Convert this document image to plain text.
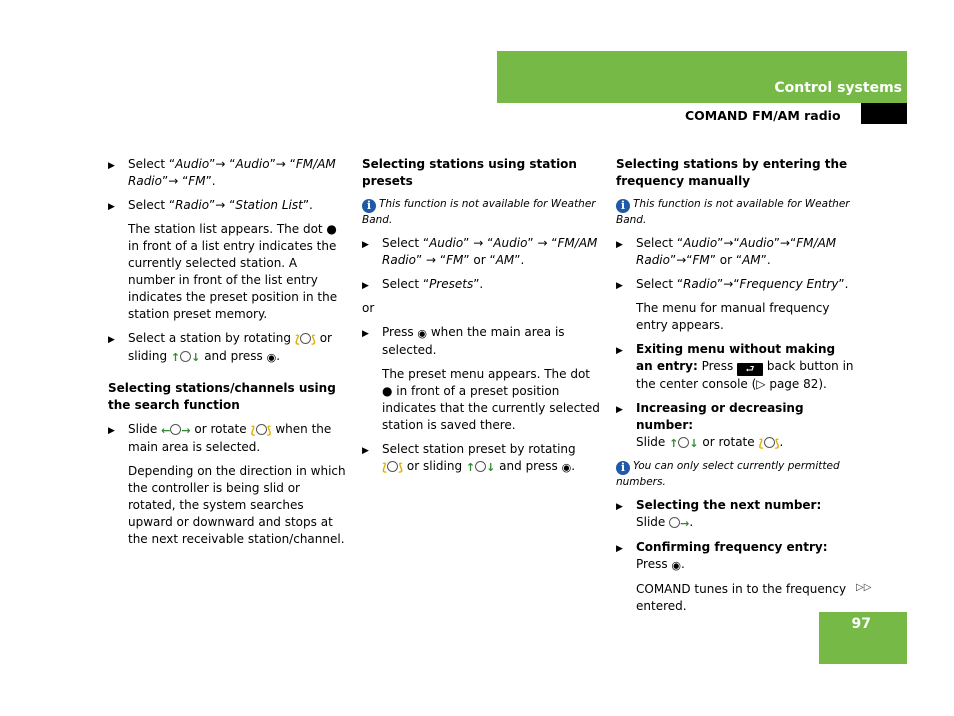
Control systems
COMAND FM/AM radio
▶ Select “Audio”→ “Audio”→ “FM/AM Radio”→ “FM”.
▶ Select “Radio”→ “Station List”.
The station list appears. The dot ● in front of a list entry indicates the currently selected station. A number in front of the list entry indicates the preset position in the station preset memory.
▶ Select a station by rotating ⟅ ⟆ or sliding ↑ ↓ and press ◉.
Selecting stations/channels using the search function
▶ Slide ← → or rotate ⟅ ⟆ when the main area is selected.
Depending on the direction in which the controller is being slid or rotated, the system searches upward or downward and stops at the next receivable station/channel.
Selecting stations using station presets
i This function is not available for Weather Band.
▶ Select “Audio” → “Audio” → “FM/AM Radio” → “FM” or “AM”.
▶ Select “Presets”.
or
▶ Press ◉ when the main area is selected.
The preset menu appears. The dot ● in front of a preset position indicates that the currently selected station is saved there.
▶ Select station preset by rotating ⟅ ⟆ or sliding ↑ ↓ and press ◉.
Selecting stations by entering the frequency manually
i This function is not available for Weather Band.
▶ Select “Audio”→“Audio”→“FM/AM Radio”→“FM” or “AM”.
▶ Select “Radio”→“Frequency Entry”.
The menu for manual frequency entry appears.
▶ Exiting menu without making an entry: Press ⮐ back button in the center console (▷ page 82).
▶ Increasing or decreasing number:
Slide ↑ ↓ or rotate ⟅ ⟆.
i You can only select currently permitted numbers.
▶ Selecting the next number:
Slide →.
▶ Confirming frequency entry:
Press ◉.
COMAND tunes in to the frequency entered.
▷▷
97
